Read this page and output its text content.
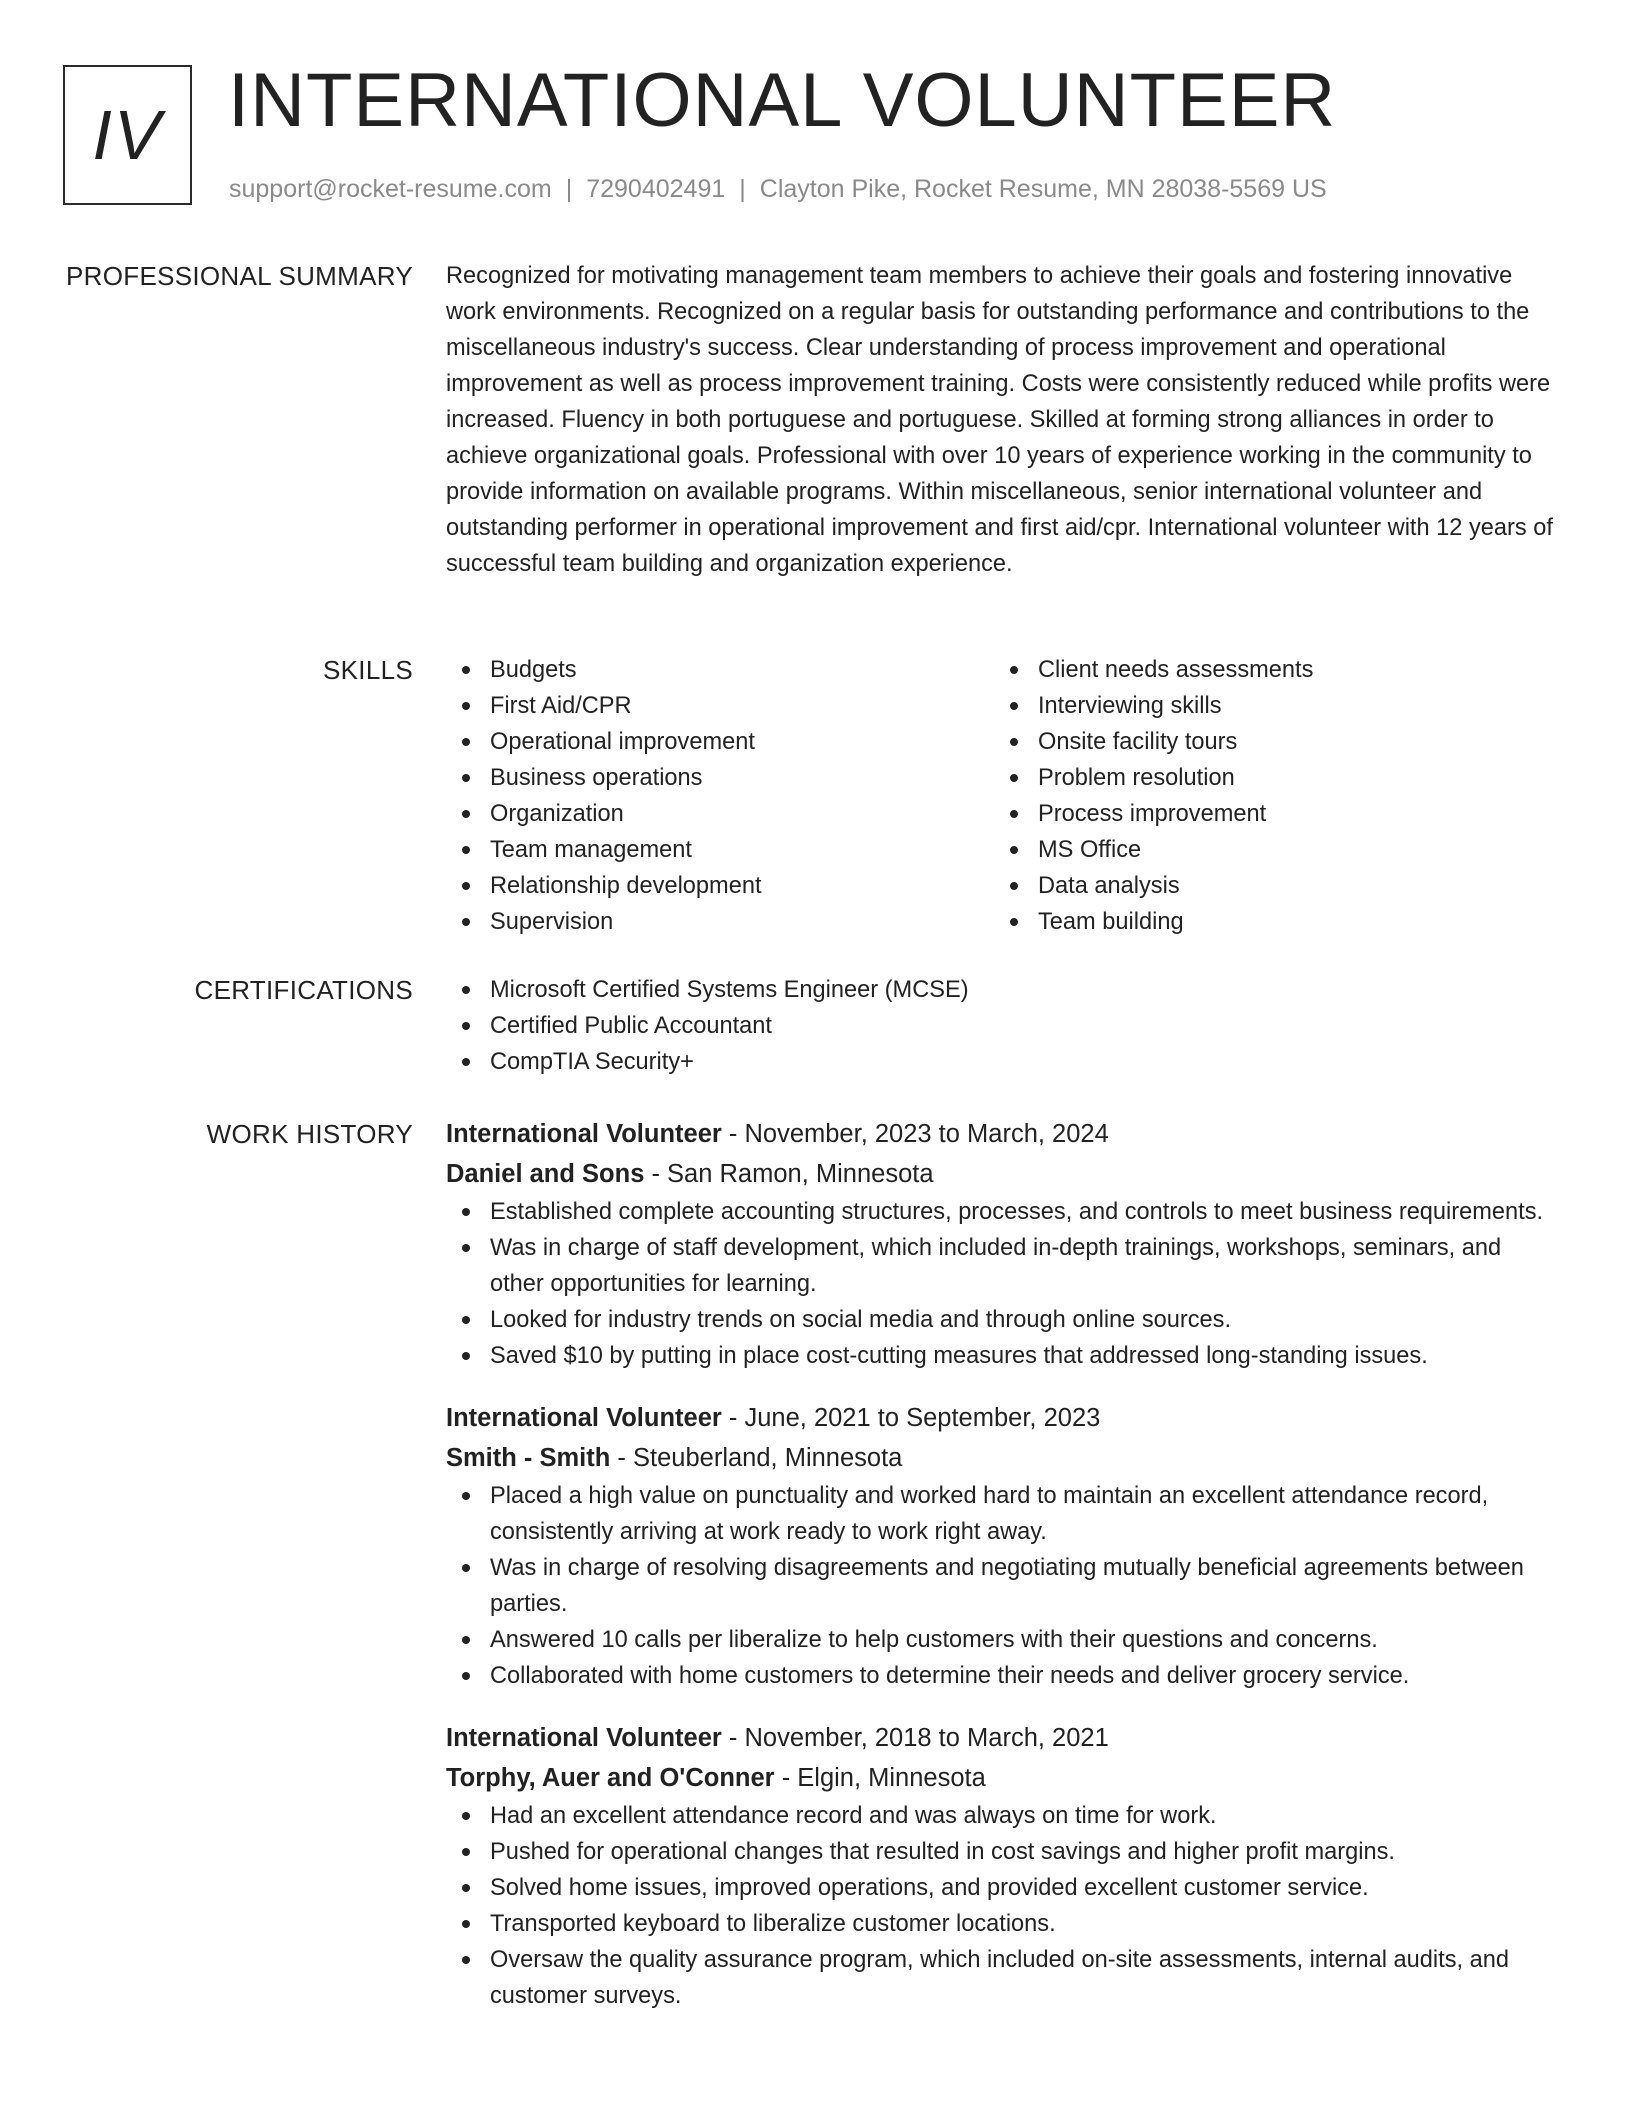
IV INTERNATIONAL VOLUNTEER
support@rocket-resume.com | 7290402491 | Clayton Pike, Rocket Resume, MN 28038-5569 US
PROFESSIONAL SUMMARY Recognized for motivating management team members to achieve their goals and fostering innovative work environments. Recognized on a regular basis for outstanding performance and contributions to the miscellaneous industry's success. Clear understanding of process improvement and operational improvement as well as process improvement training. Costs were consistently reduced while profits were increased. Fluency in both portuguese and portuguese. Skilled at forming strong alliances in order to achieve organizational goals. Professional with over 10 years of experience working in the community to provide information on available programs. Within miscellaneous, senior international volunteer and outstanding performer in operational improvement and first aid/cpr. International volunteer with 12 years of successful team building and organization experience.

SKILLS	Budgets
First Aid/CPR
Operational improvement
Business operations
Organization
Team management
Relationship development
Supervision
Client needs assessments
Interviewing skills
Onsite facility tours
Problem resolution
Process improvement
MS Office
Data analysis
Team building
CERTIFICATIONS	Microsoft Certified Systems Engineer (MCSE)
Certified Public Accountant
CompTIA Security+
WORK HISTORY International Volunteer - November, 2023 to March, 2024
Daniel and Sons - San Ramon, Minnesota
Established complete accounting structures, processes, and controls to meet business requirements.
Was in charge of staff development, which included in-depth trainings, workshops, seminars, and other opportunities for learning.
Looked for industry trends on social media and through online sources.
Saved $10 by putting in place cost-cutting measures that addressed long-standing issues.
International Volunteer - June, 2021 to September, 2023
Smith - Smith - Steuberland, Minnesota
Placed a high value on punctuality and worked hard to maintain an excellent attendance record, consistently arriving at work ready to work right away.
Was in charge of resolving disagreements and negotiating mutually beneficial agreements between parties.
Answered 10 calls per liberalize to help customers with their questions and concerns.
Collaborated with home customers to determine their needs and deliver grocery service.
International Volunteer - November, 2018 to March, 2021
Torphy, Auer and O'Conner - Elgin, Minnesota
Had an excellent attendance record and was always on time for work.
Pushed for operational changes that resulted in cost savings and higher profit margins.
Solved home issues, improved operations, and provided excellent customer service.
Transported keyboard to liberalize customer locations.
Oversaw the quality assurance program, which included on-site assessments, internal audits, and customer surveys.
